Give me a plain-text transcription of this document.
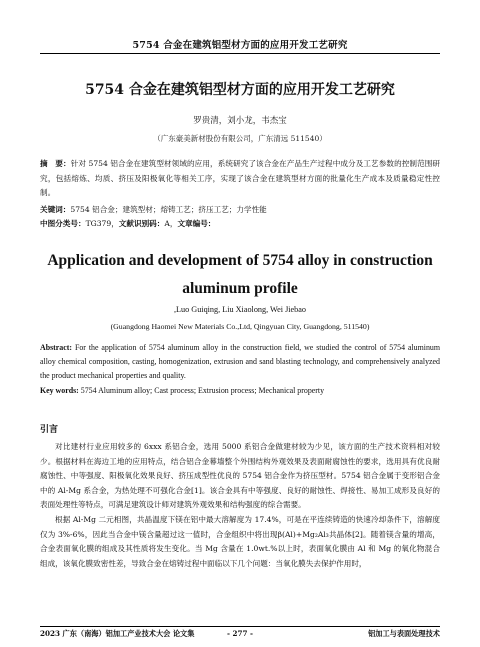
5754 合金在建筑铝型材方面的应用开发工艺研究
5754 合金在建筑铝型材方面的应用开发工艺研究
罗贵清，刘小龙，韦杰宝
（广东豪美新材股份有限公司，广东清远 511540）
摘　要：针对 5754 铝合金在建筑型材领域的应用，系统研究了该合金在产品生产过程中成分及工艺参数的控制范围研究，包括熔炼、均质、挤压及阳极氧化等相关工序，实现了该合金在建筑型材方面的批量化生产成本及质量稳定性控制。
关键词：5754 铝合金；建筑型材；熔铸工艺；挤压工艺；力学性能
中图分类号：TG379，文献识别码：A，文章编号：
Application and development of 5754 alloy in construction aluminum profile
,Luo Guiqing, Liu Xiaolong, Wei Jiebao
(Guangdong Haomei New Materials Co.,Ltd, Qingyuan City, Guangdong, 511540)
Abstract: For the application of 5754 aluminum alloy in the construction field, we studied the control of 5754 aluminum alloy chemical composition, casting, homogenization, extrusion and sand blasting technology, and comprehensively analyzed the product mechanical properties and quality.
Key words: 5754 Aluminum alloy; Cast process; Extrusion process; Mechanical property
引言

对比建材行业应用较多的 6xxx 系铝合金，选用 5000 系铝合金做建材较为少见，该方面的生产技术资料相对较少。根据材料在海边工地的应用特点，结合铝合金幕墙整个外围结构外观效果及表面耐腐蚀性的要求，选用具有优良耐腐蚀性、中等强度、阳极氧化效果良好、挤压成型性优良的 5754 铝合金作为挤压型材。5754 铝合金属于变形铝合金中的 Al-Mg 系合金，为热处理不可强化合金[1]。该合金具有中等强度、良好的耐蚀性、焊接性、易加工成形及良好的表面处理性等特点，可满足建筑设计师对建筑外观效果和结构强度的综合需要。

根据 Al-Mg 二元相图，共晶温度下镁在铝中最大溶解度为 17.4%，可是在平连续铸造的快速冷却条件下，溶解度仅为 3%-6%，因此当合金中镁含量超过这一值时，合金组织中将出现β(Al)+Mg₂Al₃共晶体[2]。随着镁含量的增高，合金表面氧化膜的组成及其性质将发生变化。当 Mg 含量在 1.0wt.%以上时，表面氧化膜由 Al 和 Mg 的氧化物混合组成，该氧化膜致密性差，导致合金在熔铸过程中面临以下几个问题：当氧化膜失去保护作用时，

2023 广东（南海）铝加工产业技术大会 论文集	- 277 -	铝加工与表面处理技术
